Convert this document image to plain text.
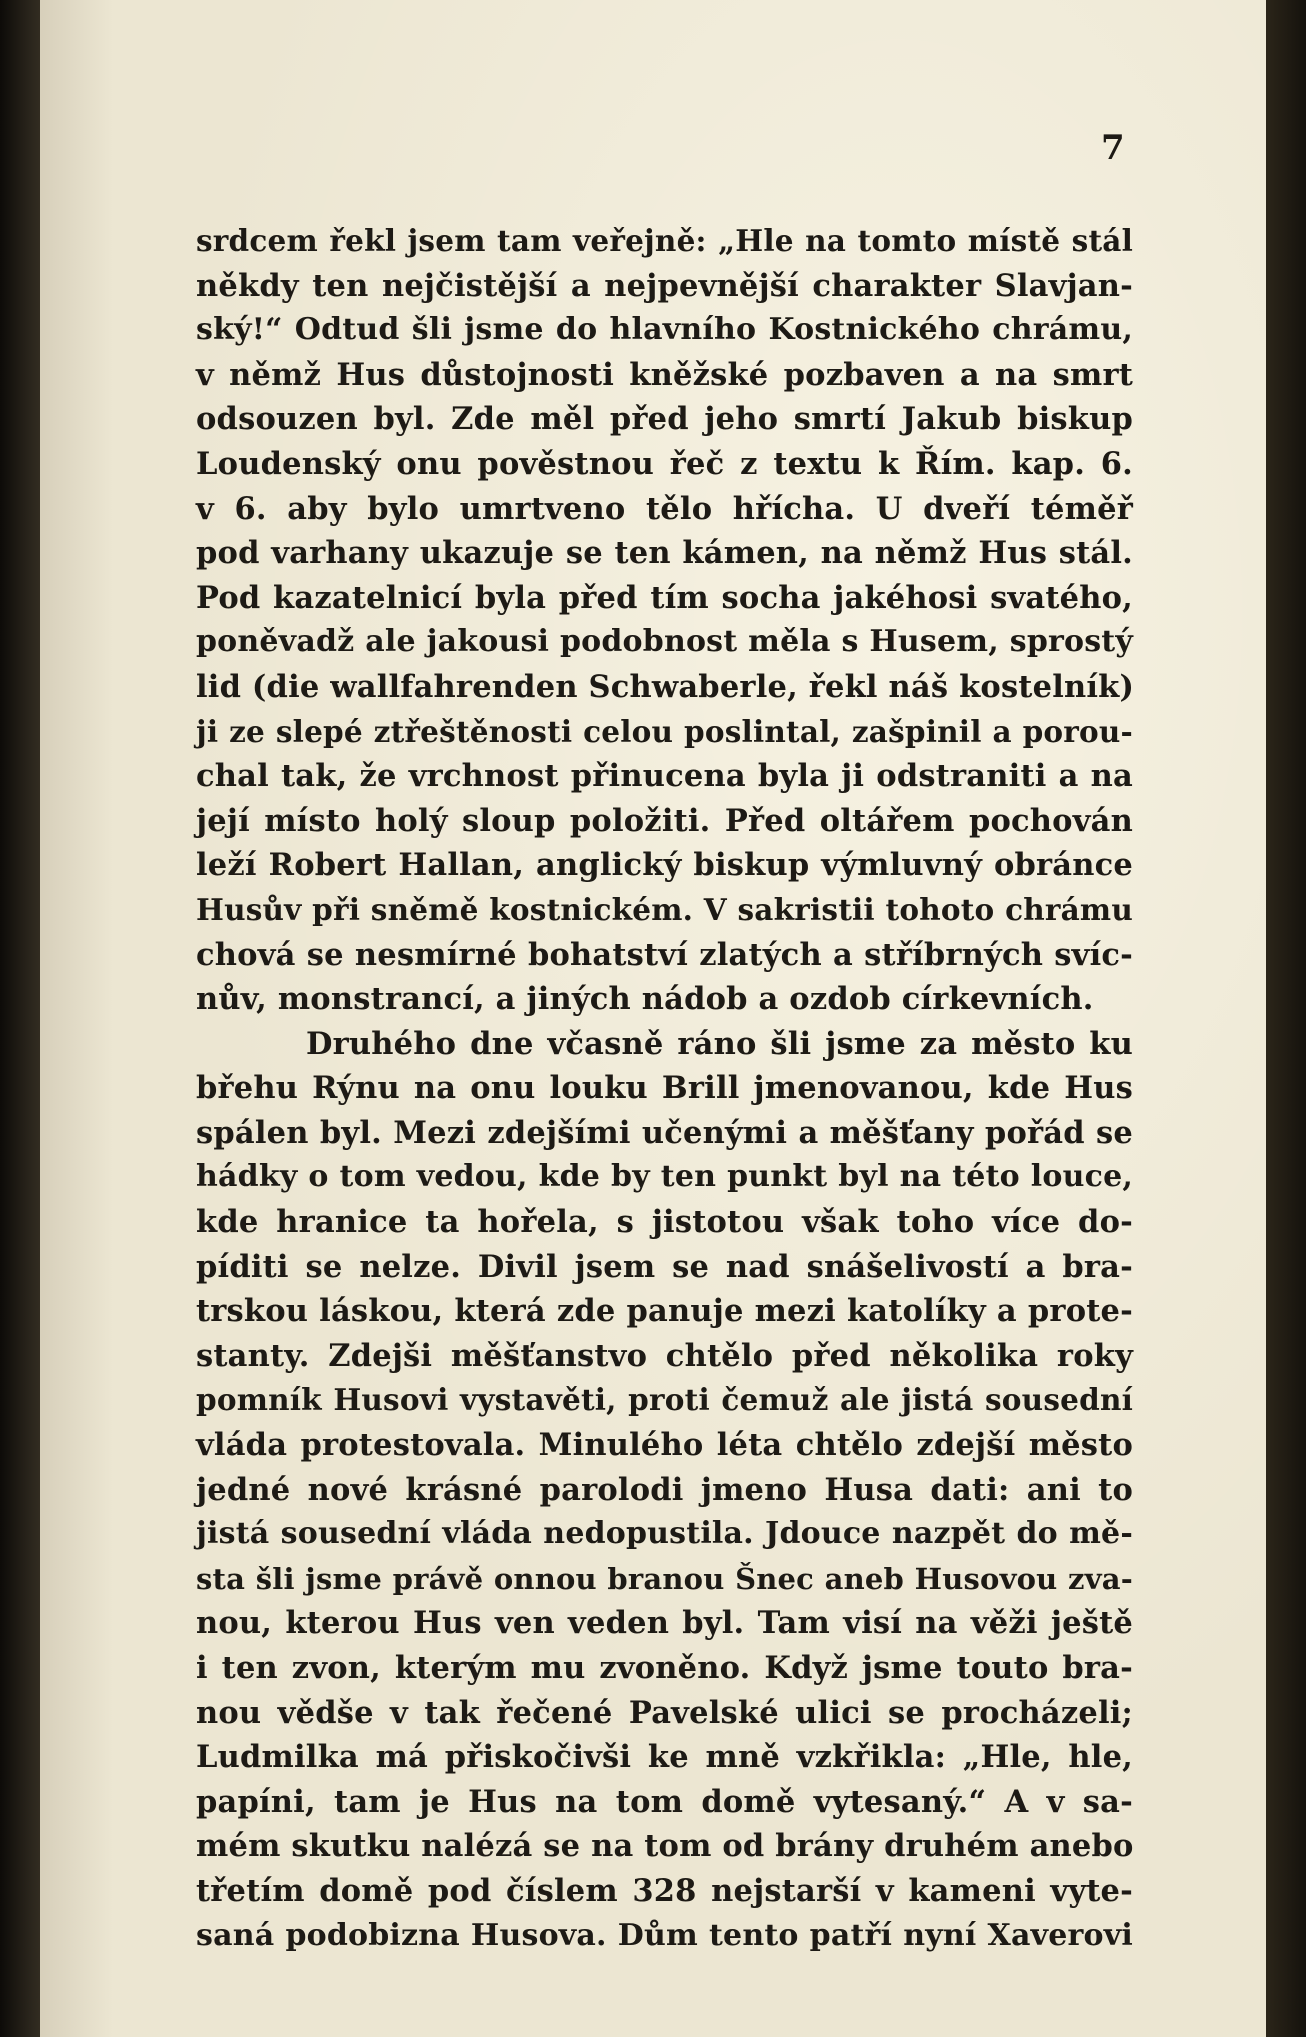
7
srdcem řekl jsem tam veřejně: „Hle na tomto místě stál
někdy ten nejčistější a nejpevnější charakter Slavjan-
ský!“ Odtud šli jsme do hlavního Kostnického chrámu,
v němž Hus důstojnosti kněžské pozbaven a na smrt
odsouzen byl. Zde měl před jeho smrtí Jakub biskup
Loudenský onu pověstnou řeč z textu k Řím. kap. 6.
v 6. aby bylo umrtveno tělo hřícha. U dveří téměř
pod varhany ukazuje se ten kámen, na němž Hus stál.
Pod kazatelnicí byla před tím socha jakéhosi svatého,
poněvadž ale jakousi podobnost měla s Husem, sprostý
lid (die wallfahrenden Schwaberle, řekl náš kostelník)
ji ze slepé ztřeštěnosti celou poslintal, zašpinil a porou-
chal tak, že vrchnost přinucena byla ji odstraniti a na
její místo holý sloup položiti. Před oltářem pochován
leží Robert Hallan, anglický biskup výmluvný obránce
Husův při sněmě kostnickém. V sakristii tohoto chrámu
chová se nesmírné bohatství zlatých a stříbrných svíc-
nův, monstrancí, a jiných nádob a ozdob církevních.
Druhého dne včasně ráno šli jsme za město ku
břehu Rýnu na onu louku Brill jmenovanou, kde Hus
spálen byl. Mezi zdejšími učenými a měšťany pořád se
hádky o tom vedou, kde by ten punkt byl na této louce,
kde hranice ta hořela, s jistotou však toho více do-
píditi se nelze. Divil jsem se nad snášelivostí a bra-
trskou láskou, která zde panuje mezi katolíky a prote-
stanty. Zdejši měšťanstvo chtělo před několika roky
pomník Husovi vystavěti, proti čemuž ale jistá sousední
vláda protestovala. Minulého léta chtělo zdejší město
jedné nové krásné parolodi jmeno Husa dati: ani to
jistá sousední vláda nedopustila. Jdouce nazpět do mě-
sta šli jsme právě onnou branou Šnec aneb Husovou zva-
nou, kterou Hus ven veden byl. Tam visí na věži ještě
i ten zvon, kterým mu zvoněno. Když jsme touto bra-
nou vědše v tak řečené Pavelské ulici se procházeli;
Ludmilka má přiskočivši ke mně vzkřikla: „Hle, hle,
papíni, tam je Hus na tom domě vytesaný.“ A v sa-
mém skutku nalézá se na tom od brány druhém anebo
třetím domě pod číslem 328 nejstarší v kameni vyte-
saná podobizna Husova. Dům tento patří nyní Xaverovi
